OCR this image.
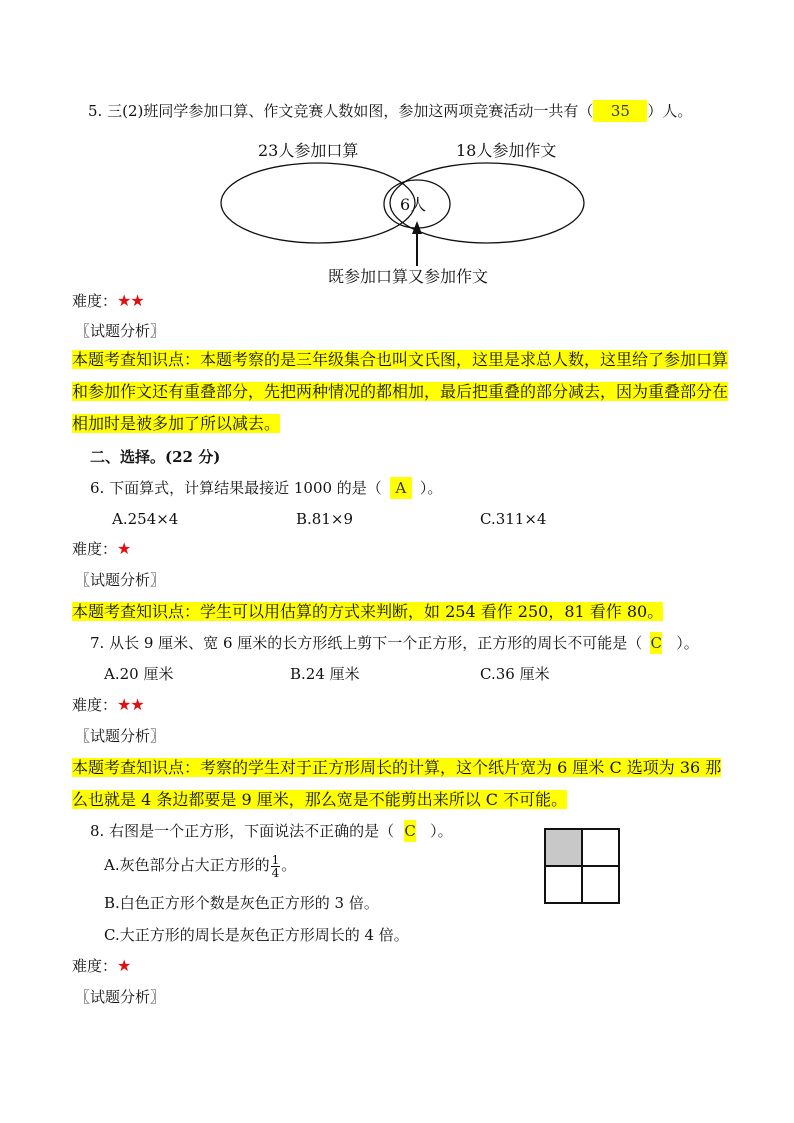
5. 三(2)班同学参加口算、作文竞赛人数如图，参加这两项竞赛活动一共有（ 35 ）人。
23人参加口算	18人参加作文
6人
既参加口算又参加作文
难度：★★
〖试题分析〗
本题考查知识点：本题考察的是三年级集合也叫文氏图，这里是求总人数，这里给了参加口算和参加作文还有重叠部分，先把两种情况的都相加，最后把重叠的部分减去，因为重叠部分在相加时是被多加了所以减去。
二、选择。(22 分)
6. 下面算式，计算结果最接近 1000 的是（ A ）。
A.254×4	B.81×9	C.311×4
难度：★
〖试题分析〗
本题考查知识点：学生可以用估算的方式来判断，如 254 看作 250，81 看作 80。
7. 从长 9 厘米、宽 6 厘米的长方形纸上剪下一个正方形，正方形的周长不可能是（ C ）。
A.20 厘米	B.24 厘米	C.36 厘米
难度：★★
〖试题分析〗
本题考查知识点：考察的学生对于正方形周长的计算，这个纸片宽为 6 厘米 C 选项为 36 那么也就是 4 条边都要是 9 厘米，那么宽是不能剪出来所以 C 不可能。
8. 右图是一个正方形，下面说法不正确的是（ C ）。
A.灰色部分占大正方形的 $\frac{1}{4}$ 。
B.白色正方形个数是灰色正方形的 3 倍。
C.大正方形的周长是灰色正方形周长的 4 倍。
难度：★
〖试题分析〗
